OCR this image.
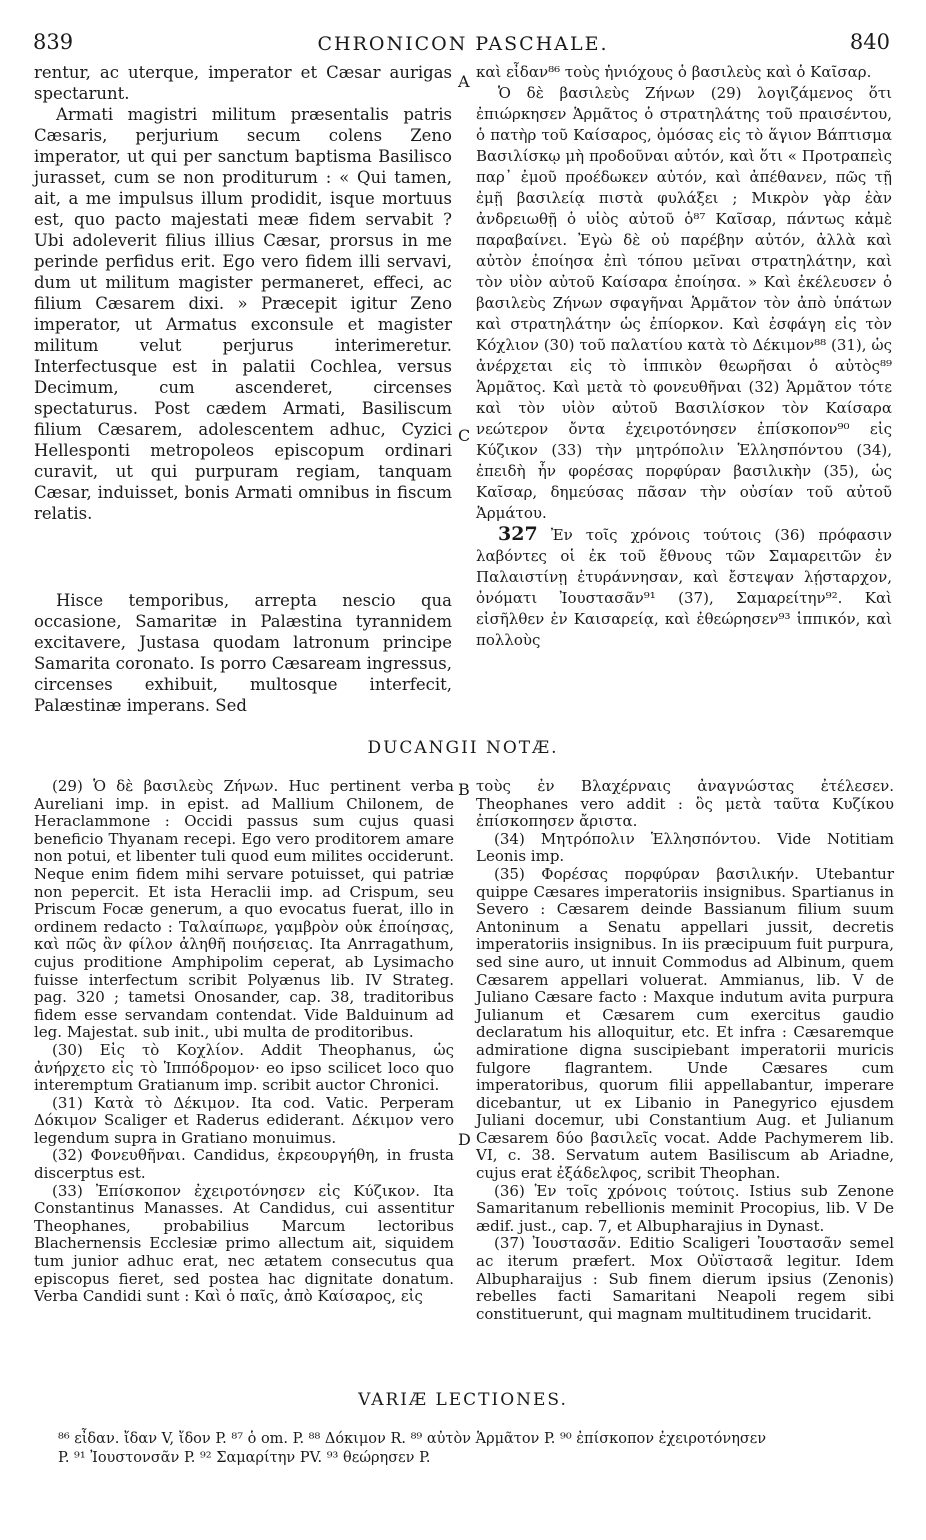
839	CHRONICON PASCHALE.	840
A
C
B
D

rentur, ac uterque, imperator et Cæsar aurigas spectarunt.

Armati magistri militum præsentalis patris Cæsaris, perjurium secum colens Zeno imperator, ut qui per sanctum baptisma Basilisco jurasset, cum se non proditurum : « Qui tamen, ait, a me impulsus illum prodidit, isque mortuus est, quo pacto majestati meæ fidem servabit ? Ubi adoleverit filius illius Cæsar, prorsus in me perinde perfidus erit. Ego vero fidem illi servavi, dum ut militum magister permaneret, effeci, ac filium Cæsarem dixi. » Præcepit igitur Zeno imperator, ut Armatus exconsule et magister militum velut perjurus interimeretur. Interfectusque est in palatii Cochlea, versus Decimum, cum ascenderet, circenses spectaturus. Post cædem Armati, Basiliscum filium Cæsarem, adolescentem adhuc, Cyzici Hellesponti metropoleos episcopum ordinari curavit, ut qui purpuram regiam, tanquam Cæsar, induisset, bonis Armati omnibus in fiscum relatis.

Hisce temporibus, arrepta nescio qua occasione, Samaritæ in Palæstina tyrannidem excitavere, Justasa quodam latronum principe Samarita coronato. Is porro Cæsaream ingressus, circenses exhibuit, multosque interfecit, Palæstinæ imperans. Sed

καὶ εἶδαν⁸⁶ τοὺς ἡνιόχους ὁ βασιλεὺς καὶ ὁ Καῖσαρ.

Ὁ δὲ βασιλεὺς Ζήνων (29) λογιζάμενος ὅτι ἐπιώρκησεν Ἁρμᾶτος ὁ στρατηλάτης τοῦ πραισέντου, ὁ πατὴρ τοῦ Καίσαρος, ὀμόσας εἰς τὸ ἅγιον Βάπτισμα Βασιλίσκῳ μὴ προδοῦναι αὐτόν, καὶ ὅτι « Προτραπεὶς παρ᾽ ἐμοῦ προέδωκεν αὐτόν, καὶ ἀπέθανεν, πῶς τῇ ἐμῇ βασιλείᾳ πιστὰ φυλάξει ; Μικρὸν γὰρ ἐὰν ἀνδρειωθῇ ὁ υἱὸς αὐτοῦ ὁ⁸⁷ Καῖσαρ, πάντως κἀμὲ παραβαίνει. Ἐγὼ δὲ οὐ παρέβην αὐτόν, ἀλλὰ καὶ αὐτὸν ἐποίησα ἐπὶ τόπου μεῖναι στρατηλάτην, καὶ τὸν υἱὸν αὐτοῦ Καίσαρα ἐποίησα. » Καὶ ἐκέλευσεν ὁ βασιλεὺς Ζήνων σφαγῆναι Ἁρμᾶτον τὸν ἀπὸ ὑπάτων καὶ στρατηλάτην ὡς ἐπίορκον. Καὶ ἐσφάγη εἰς τὸν Κόχλιον (30) τοῦ παλατίου κατὰ τὸ Δέκιμον⁸⁸ (31), ὡς ἀνέρχεται εἰς τὸ ἱππικὸν θεωρῆσαι ὁ αὐτὸς⁸⁹ Ἁρμᾶτος. Καὶ μετὰ τὸ φονευθῆναι (32) Ἁρμᾶτον τότε καὶ τὸν υἱὸν αὐτοῦ Βασιλίσκον τὸν Καίσαρα νεώτερον ὄντα ἐχειροτόνησεν ἐπίσκοπον⁹⁰ εἰς Κύζικον (33) τὴν μητρόπολιν Ἑλλησπόντου (34), ἐπειδὴ ἦν φορέσας πορφύραν βασιλικὴν (35), ὡς Καῖσαρ, δημεύσας πᾶσαν τὴν οὐσίαν τοῦ αὐτοῦ Ἁρμάτου.

327 Ἐν τοῖς χρόνοις τούτοις (36) πρόφασιν λαβόντες οἱ ἐκ τοῦ ἔθνους τῶν Σαμαρειτῶν ἐν Παλαιστίνῃ ἐτυράννησαν, καὶ ἔστεψαν λῄσταρχον, ὀνόματι Ἰουστασᾶν⁹¹ (37), Σαμαρείτην⁹². Καὶ εἰσῆλθεν ἐν Καισαρείᾳ, καὶ ἐθεώρησεν⁹³ ἱππικόν, καὶ πολλοὺς

DUCANGII NOTÆ.

(29) Ὁ δὲ βασιλεὺς Ζήνων. Huc pertinent verba Aureliani imp. in epist. ad Mallium Chilonem, de Heraclammone : Occidi passus sum cujus quasi beneficio Thyanam recepi. Ego vero proditorem amare non potui, et libenter tuli quod eum milites occiderunt. Neque enim fidem mihi servare potuisset, qui patriæ non pepercit. Et ista Heraclii imp. ad Crispum, seu Priscum Focæ generum, a quo evocatus fuerat, illo in ordinem redacto : Ταλαίπωρε, γαμβρὸν οὐκ ἐποίησας, καὶ πῶς ἂν φίλον ἀληθῆ ποιήσειας. Ita Anrragathum, cujus proditione Amphipolim ceperat, ab Lysimacho fuisse interfectum scribit Polyænus lib. IV Strateg. pag. 320 ; tametsi Onosander, cap. 38, traditoribus fidem esse servandam contendat. Vide Balduinum ad leg. Majestat. sub init., ubi multa de proditoribus.

(30) Εἰς τὸ Κοχλίον. Addit Theophanus, ὡς ἀνήρχετο εἰς τὸ Ἱππόδρομον· eo ipso scilicet loco quo interemptum Gratianum imp. scribit auctor Chronici.

(31) Κατὰ τὸ Δέκιμον. Ita cod. Vatic. Perperam Δόκιμον Scaliger et Raderus ediderant. Δέκιμον vero legendum supra in Gratiano monuimus.

(32) Φονευθῆναι. Candidus, ἐκρεουργήθη, in frusta discerptus est.

(33) Ἐπίσκοπον ἐχειροτόνησεν εἰς Κύζικον. Ita Constantinus Manasses. At Candidus, cui assentitur Theophanes, probabilius Marcum lectoribus Blachernensis Ecclesiæ primo allectum ait, siquidem tum junior adhuc erat, nec ætatem consecutus qua episcopus fieret, sed postea hac dignitate donatum. Verba Candidi sunt : Καὶ ὁ παῖς, ἀπὸ Καίσαρος, εἰς

τοὺς ἐν Βλαχέρναις ἀναγνώστας ἐτέλεσεν. Theophanes vero addit : ὃς μετὰ ταῦτα Κυζίκου ἐπίσκοπησεν ἄριστα.

(34) Μητρόπολιν Ἑλλησπόντου. Vide Notitiam Leonis imp.

(35) Φορέσας πορφύραν βασιλικήν. Utebantur quippe Cæsares imperatoriis insignibus. Spartianus in Severo : Cæsarem deinde Bassianum filium suum Antoninum a Senatu appellari jussit, decretis imperatoriis insignibus. In iis præcipuum fuit purpura, sed sine auro, ut innuit Commodus ad Albinum, quem Cæsarem appellari voluerat. Ammianus, lib. V de Juliano Cæsare facto : Maxque indutum avita purpura Julianum et Cæsarem cum exercitus gaudio declaratum his alloquitur, etc. Et infra : Cæsaremque admiratione digna suscipiebant imperatorii muricis fulgore flagrantem. Unde Cæsares cum imperatoribus, quorum filii appellabantur, imperare dicebantur, ut ex Libanio in Panegyrico ejusdem Juliani docemur, ubi Constantium Aug. et Julianum Cæsarem δύο βασιλεῖς vocat. Adde Pachymerem lib. VI, c. 38. Servatum autem Basiliscum ab Ariadne, cujus erat ἐξάδελφος, scribit Theophan.

(36) Ἐν τοῖς χρόνοις τούτοις. Istius sub Zenone Samaritanum rebellionis meminit Procopius, lib. V De ædif. just., cap. 7, et Albupharajius in Dynast.

(37) Ἰουστασᾶν. Editio Scaligeri Ἰουστασᾶν semel ac iterum præfert. Mox Οὐϊστασᾶ legitur. Idem Albupharaijus : Sub finem dierum ipsius (Zenonis) rebelles facti Samaritani Neapoli regem sibi constituerunt, qui magnam multitudinem trucidarit.

VARIÆ LECTIONES.
⁸⁶ εἶδαν. ἴδαν V, ἴδον P. ⁸⁷ ὁ om. P. ⁸⁸ Δόκιμον R. ⁸⁹ αὐτὸν Ἁρμᾶτον P. ⁹⁰ ἐπίσκοπον ἐχειροτόνησεν
P. ⁹¹ Ἰουστονσᾶν P. ⁹² Σαμαρίτην PV. ⁹³ θεώρησεν P.
